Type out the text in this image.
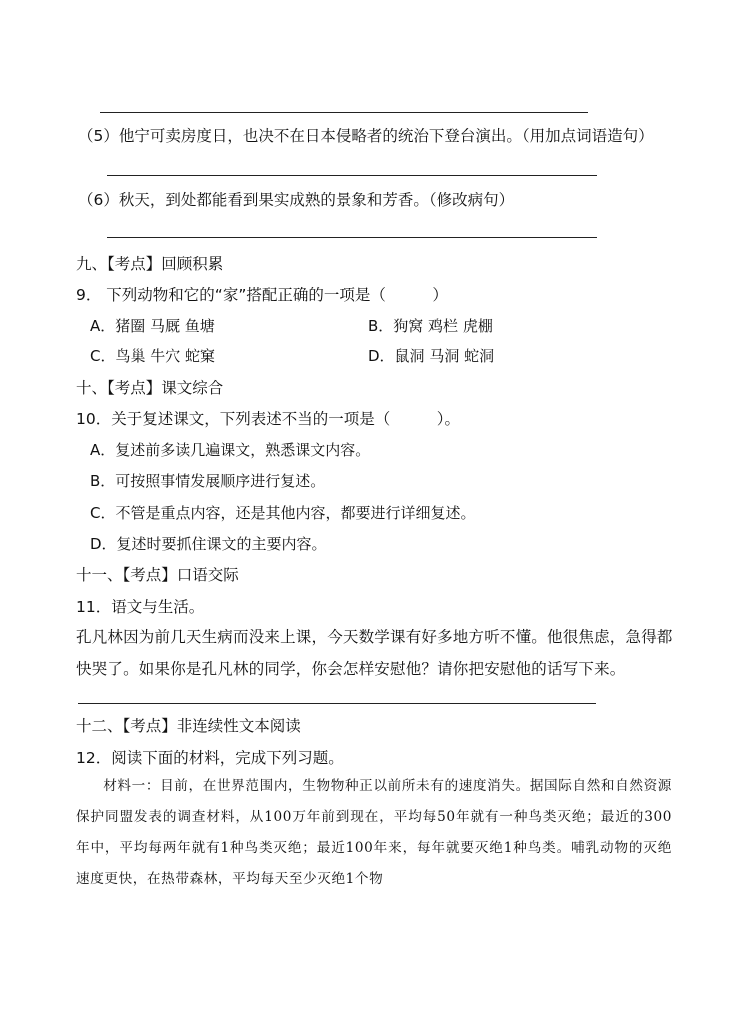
（5）他宁可卖房度日，也决不在日本侵略者的统治下登台演出。（用加点词语造句）
（6）秋天，到处都能看到果实成熟的景象和芳香。（修改病句）
九、【考点】回顾积累
9． 下列动物和它的“家”搭配正确的一项是（　　　）
A．猪圈 马厩 鱼塘	B．狗窝 鸡栏 虎棚
C．鸟巢 牛穴 蛇窠	D．鼠洞 马洞 蛇洞
十、【考点】课文综合
10．关于复述课文，下列表述不当的一项是（　　　）。
A．复述前多读几遍课文，熟悉课文内容。
B．可按照事情发展顺序进行复述。
C．不管是重点内容，还是其他内容，都要进行详细复述。
D．复述时要抓住课文的主要内容。
十一、【考点】口语交际
11．语文与生活。
孔凡林因为前几天生病而没来上课，今天数学课有好多地方听不懂。他很焦虑，急得都快哭了。如果你是孔凡林的同学，你会怎样安慰他？请你把安慰他的话写下来。
十二、【考点】非连续性文本阅读
12．阅读下面的材料，完成下列习题。

材料一：目前，在世界范围内，生物物种正以前所未有的速度消失。据国际自然和自然资源保护同盟发表的调查材料，从100万年前到现在，平均每50年就有一种鸟类灭绝；最近的300年中，平均每两年就有1种鸟类灭绝；最近100年来，每年就要灭绝1种鸟类。哺乳动物的灭绝速度更快，在热带森林，平均每天至少灭绝1个物
